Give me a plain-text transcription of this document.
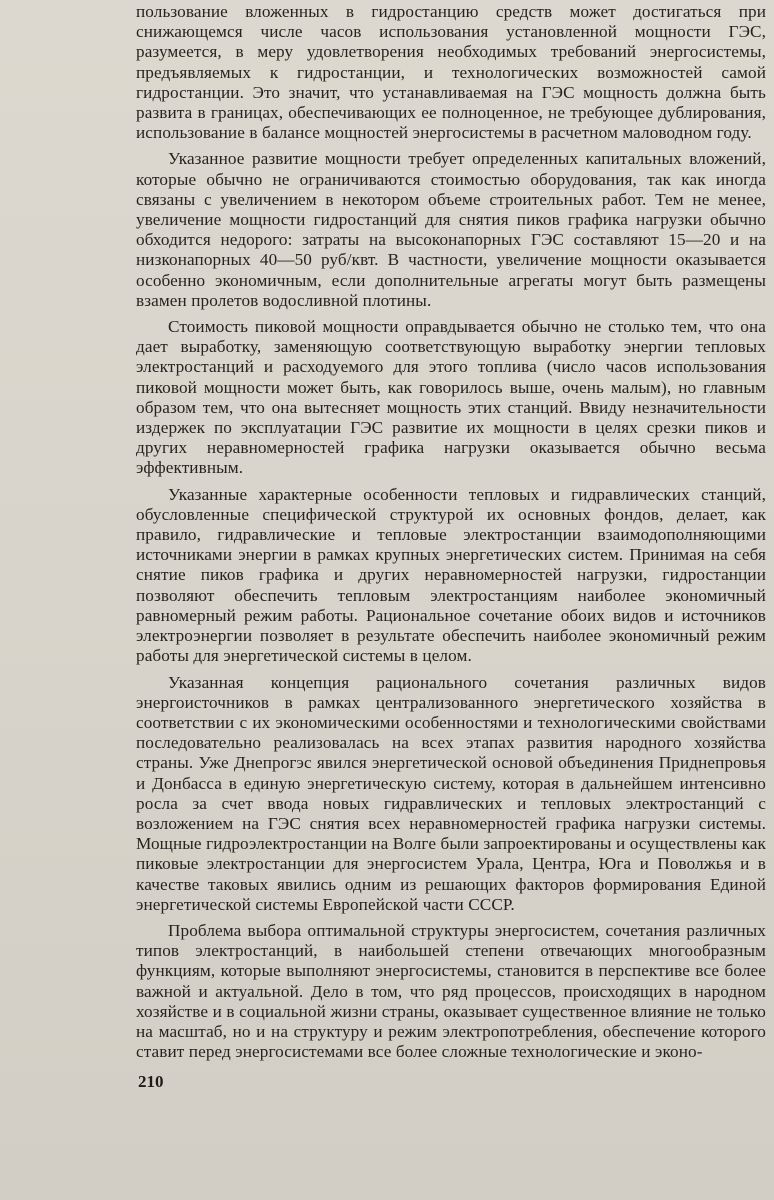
пользование вложенных в гидростанцию средств может достигаться при снижающемся числе часов использования установленной мощности ГЭС, разумеется, в меру удовлетворения необходимых требований энергосистемы, предъявляемых к гидростанции, и технологических возможностей самой гидростанции. Это значит, что устанавливаемая на ГЭС мощность должна быть развита в границах, обеспечивающих ее полноценное, не требующее дублирования, использование в балансе мощностей энергосистемы в расчетном маловодном году.

Указанное развитие мощности требует определенных капитальных вложений, которые обычно не ограничиваются стоимостью оборудования, так как иногда связаны с увеличением в некотором объеме строительных работ. Тем не менее, увеличение мощности гидростанций для снятия пиков графика нагрузки обычно обходится недорого: затраты на высоконапорных ГЭС составляют 15—20 и на низконапорных 40—50 руб/квт. В частности, увеличение мощности оказывается особенно экономичным, если дополнительные агрегаты могут быть размещены взамен пролетов водосливной плотины.

Стоимость пиковой мощности оправдывается обычно не столько тем, что она дает выработку, заменяющую соответствующую выработку энергии тепловых электростанций и расходуемого для этого топлива (число часов использования пиковой мощности может быть, как говорилось выше, очень малым), но главным образом тем, что она вытесняет мощность этих станций. Ввиду незначительности издержек по эксплуатации ГЭС развитие их мощности в целях срезки пиков и других неравномерностей графика нагрузки оказывается обычно весьма эффективным.

Указанные характерные особенности тепловых и гидравлических станций, обусловленные специфической структурой их основных фондов, делает, как правило, гидравлические и тепловые электростанции взаимодополняющими источниками энергии в рамках крупных энергетических систем. Принимая на себя снятие пиков графика и других неравномерностей нагрузки, гидростанции позволяют обеспечить тепловым электростанциям наиболее экономичный равномерный режим работы. Рациональное сочетание обоих видов и источников электроэнергии позволяет в результате обеспечить наиболее экономичный режим работы для энергетической системы в целом.

Указанная концепция рационального сочетания различных видов энергоисточников в рамках централизованного энергетического хозяйства в соответствии с их экономическими особенностями и технологическими свойствами последовательно реализовалась на всех этапах развития народного хозяйства страны. Уже Днепрогэс явился энергетической основой объединения Приднепровья и Донбасса в единую энергетическую систему, которая в дальнейшем интенсивно росла за счет ввода новых гидравлических и тепловых электростанций с возложением на ГЭС снятия всех неравномерностей графика нагрузки системы. Мощные гидроэлектростанции на Волге были запроектированы и осуществлены как пиковые электростанции для энергосистем Урала, Центра, Юга и Поволжья и в качестве таковых явились одним из решающих факторов формирования Единой энергетической системы Европейской части СССР.

Проблема выбора оптимальной структуры энергосистем, сочетания различных типов электростанций, в наибольшей степени отвечающих многообразным функциям, которые выполняют энергосистемы, становится в перспективе все более важной и актуальной. Дело в том, что ряд процессов, происходящих в народном хозяйстве и в социальной жизни страны, оказывает существенное влияние не только на масштаб, но и на структуру и режим электропотребления, обеспечение которого ставит перед энергосистемами все более сложные технологические и эконо-

210
